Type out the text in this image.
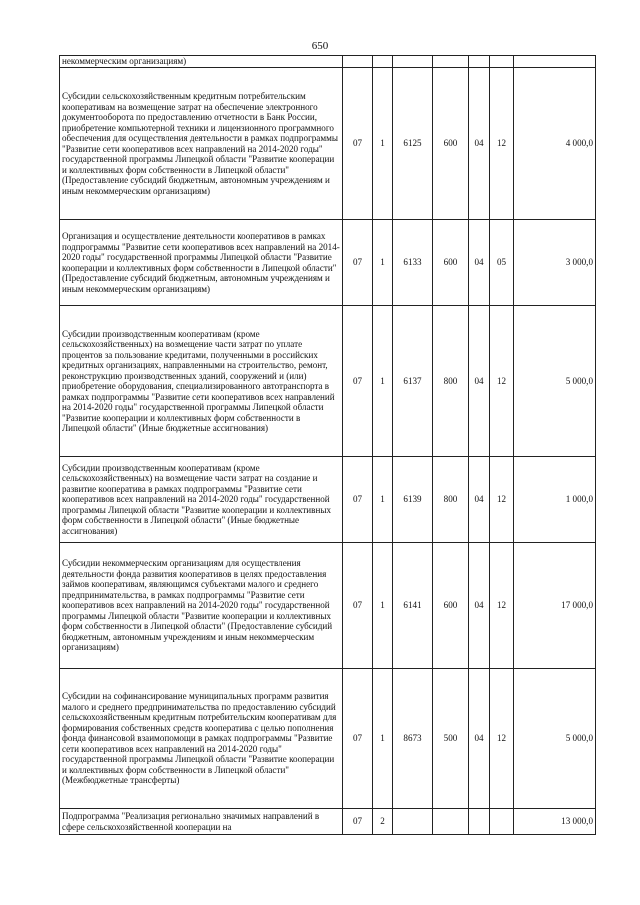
650
некоммерческим организациям)							
Субсидии сельскохозяйственным кредитным потребительским кооперативам на возмещение затрат на обеспечение электронного документооборота по предоставлению отчетности в Банк России, приобретение компьютерной техники и лицензионного программного обеспечения для осуществления деятельности в рамках подпрограммы "Развитие сети кооперативов всех направлений на 2014-2020 годы" государственной программы Липецкой области "Развитие кооперации и коллективных форм собственности в Липецкой области" (Предоставление субсидий бюджетным, автономным учреждениям и иным некоммерческим организациям)	07	1	6125	600	04	12	4 000,0
Организация и осуществление деятельности кооперативов в рамках подпрограммы "Развитие сети кооперативов всех направлений на 2014-2020 годы" государственной программы Липецкой области "Развитие кооперации и коллективных форм собственности в Липецкой области" (Предоставление субсидий бюджетным, автономным учреждениям и иным некоммерческим организациям)	07	1	6133	600	04	05	3 000,0
Субсидии производственным кооперативам (кроме сельскохозяйственных) на возмещение части затрат по уплате процентов за пользование кредитами, полученными в российских кредитных организациях, направленными на строительство, ремонт, реконструкцию производственных зданий, сооружений и (или) приобретение оборудования, специализированного автотранспорта в рамках подпрограммы "Развитие сети кооперативов всех направлений на 2014-2020 годы" государственной программы Липецкой области "Развитие кооперации и коллективных форм собственности в Липецкой области" (Иные бюджетные ассигнования)	07	1	6137	800	04	12	5 000,0
Субсидии производственным кооперативам (кроме сельскохозяйственных) на возмещение части затрат на создание и развитие кооператива в рамках подпрограммы "Развитие сети кооперативов всех направлений на 2014-2020 годы" государственной программы Липецкой области "Развитие кооперации и коллективных форм собственности в Липецкой области" (Иные бюджетные ассигнования)	07	1	6139	800	04	12	1 000,0
Субсидии некоммерческим организациям для осуществления деятельности фонда развития кооперативов в целях предоставления займов кооперативам, являющимся субъектами малого и среднего предпринимательства, в рамках подпрограммы "Развитие сети кооперативов всех направлений на 2014-2020 годы" государственной программы Липецкой области "Развитие кооперации и коллективных форм собственности в Липецкой области" (Предоставление субсидий бюджетным, автономным учреждениям и иным некоммерческим организациям)	07	1	6141	600	04	12	17 000,0
Субсидии на софинансирование муниципальных программ развития малого и среднего предпринимательства по предоставлению субсидий сельскохозяйственным кредитным потребительским кооперативам для формирования собственных средств кооператива с целью пополнения фонда финансовой взаимопомощи в рамках подпрограммы "Развитие сети кооперативов всех направлений на 2014-2020 годы" государственной программы Липецкой области "Развитие кооперации и коллективных форм собственности в Липецкой области" (Межбюджетные трансферты)	07	1	8673	500	04	12	5 000,0
Подпрограмма "Реализация регионально значимых направлений в сфере сельскохозяйственной кооперации на	07	2					13 000,0
